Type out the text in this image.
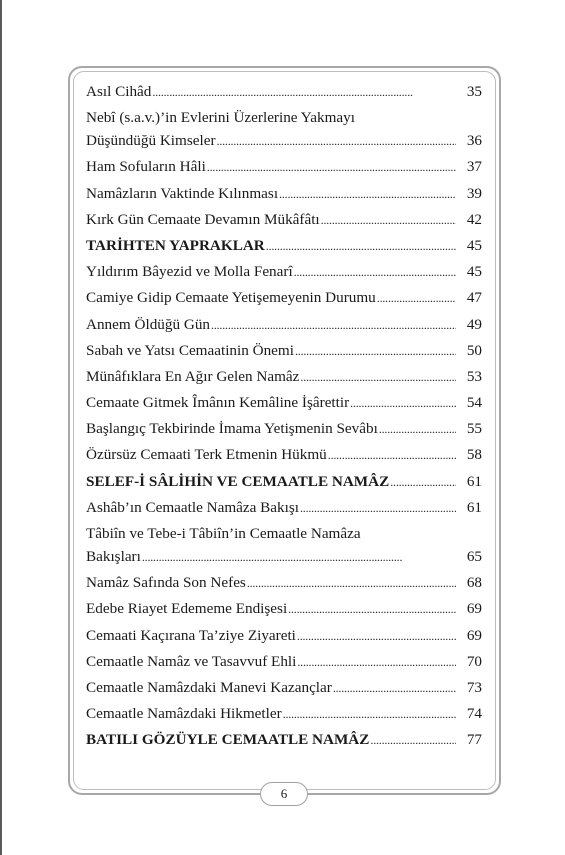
Asıl Cihâd . . .	35
Nebî (s.a.v.)’in Evlerini Üzerlerine Yakmayı
Düşündüğü Kimseler . . .	36
Ham Sofuların Hâli . . .	37
Namâzların Vaktinde Kılınması . . .	39
Kırk Gün Cemaate Devamın Mükâfâtı . . .	42
TARİHTEN YAPRAKLAR . . .	45
Yıldırım Bâyezid ve Molla Fenarî . . .	45
Camiye Gidip Cemaate Yetişemeyenin Durumu . . .	47
Annem Öldüğü Gün . . .	49
Sabah ve Yatsı Cemaatinin Önemi . . .	50
Münâfıklara En Ağır Gelen Namâz . . .	53
Cemaate Gitmek Îmânın Kemâline İşârettir . . .	54
Başlangıç Tekbirinde İmama Yetişmenin Sevâbı . . .	55
Özürsüz Cemaati Terk Etmenin Hükmü . . .	58
SELEF-İ SÂLİHİN VE CEMAATLE NAMÂZ . . .	61
Ashâb’ın Cemaatle Namâza Bakışı . . .	61
Tâbiîn ve Tebe-i Tâbiîn’in Cemaatle Namâza
Bakışları . . .	65
Namâz Safında Son Nefes . . .	68
Edebe Riayet Edememe Endişesi . . .	69
Cemaati Kaçırana Ta’ziye Ziyareti . . .	69
Cemaatle Namâz ve Tasavvuf Ehli . . .	70
Cemaatle Namâzdaki Manevi Kazançlar . . .	73
Cemaatle Namâzdaki Hikmetler . . .	74
BATILI GÖZÜYLE CEMAATLE NAMÂZ . . .	77
6
